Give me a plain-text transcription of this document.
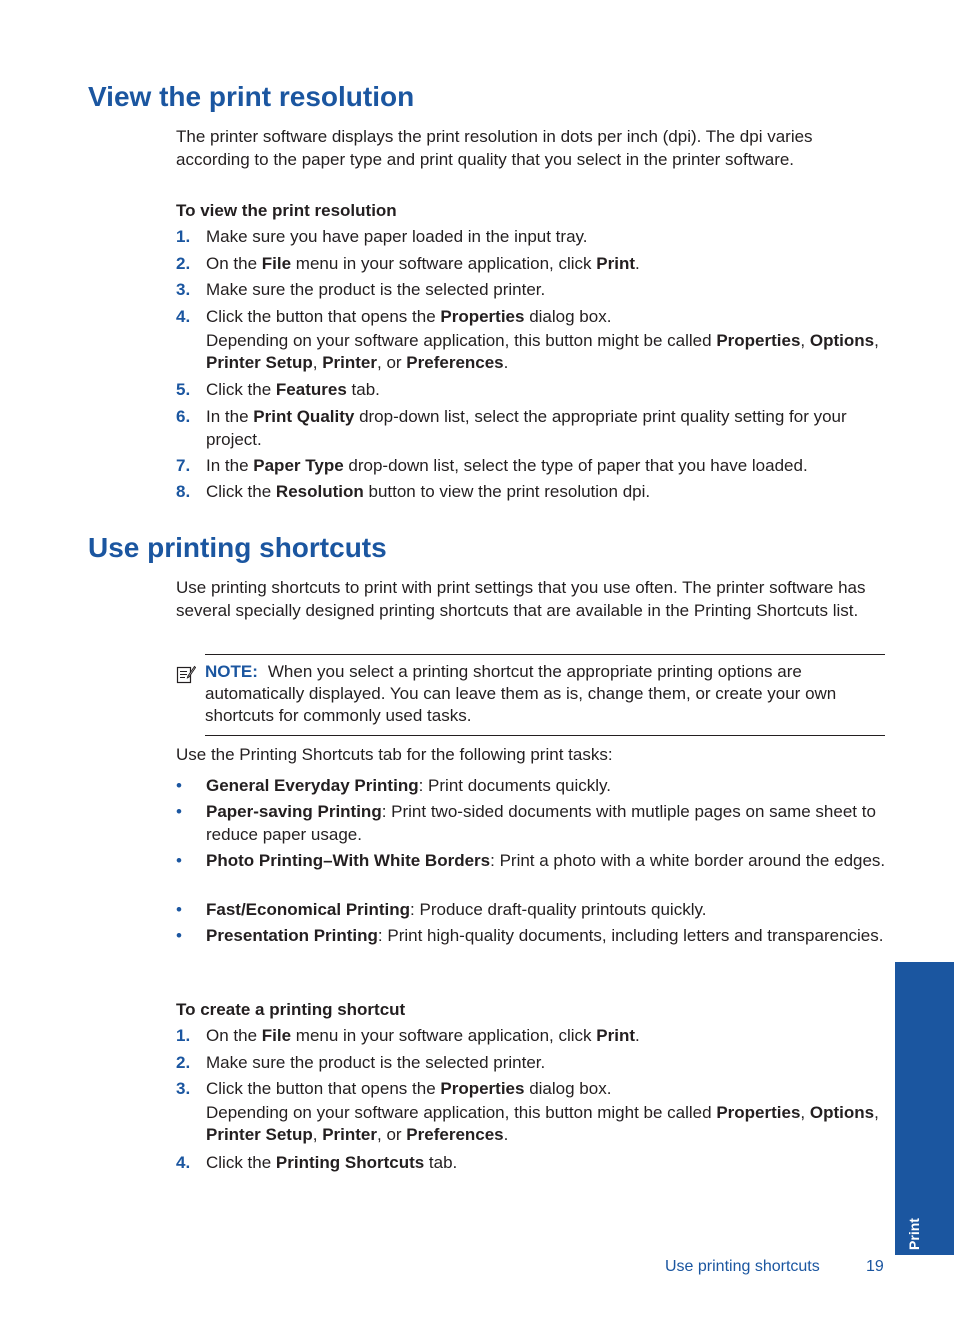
View the print resolution

The printer software displays the print resolution in dots per inch (dpi). The dpi varies according to the paper type and print quality that you select in the printer software.

To view the print resolution

1. Make sure you have paper loaded in the input tray.
2. On the File menu in your software application, click Print.
3. Make sure the product is the selected printer.
4. Click the button that opens the Properties dialog box.
Depending on your software application, this button might be called Properties, Options, Printer Setup, Printer, or Preferences.
5. Click the Features tab.
6. In the Print Quality drop-down list, select the appropriate print quality setting for your project.
7. In the Paper Type drop-down list, select the type of paper that you have loaded.
8. Click the Resolution button to view the print resolution dpi.
Use printing shortcuts

Use printing shortcuts to print with print settings that you use often. The printer software has several specially designed printing shortcuts that are available in the Printing Shortcuts list.

NOTE: When you select a printing shortcut the appropriate printing options are automatically displayed. You can leave them as is, change them, or create your own shortcuts for commonly used tasks.

Use the Printing Shortcuts tab for the following print tasks:

• General Everyday Printing: Print documents quickly.
• Paper-saving Printing: Print two-sided documents with mutliple pages on same sheet to reduce paper usage.
• Photo Printing–With White Borders: Print a photo with a white border around the edges.
• Fast/Economical Printing: Produce draft-quality printouts quickly.
• Presentation Printing: Print high-quality documents, including letters and transparencies.

To create a printing shortcut

1. On the File menu in your software application, click Print.
2. Make sure the product is the selected printer.
3. Click the button that opens the Properties dialog box.
Depending on your software application, this button might be called Properties, Options, Printer Setup, Printer, or Preferences.
4. Click the Printing Shortcuts tab.
Print
Use printing shortcuts	19
